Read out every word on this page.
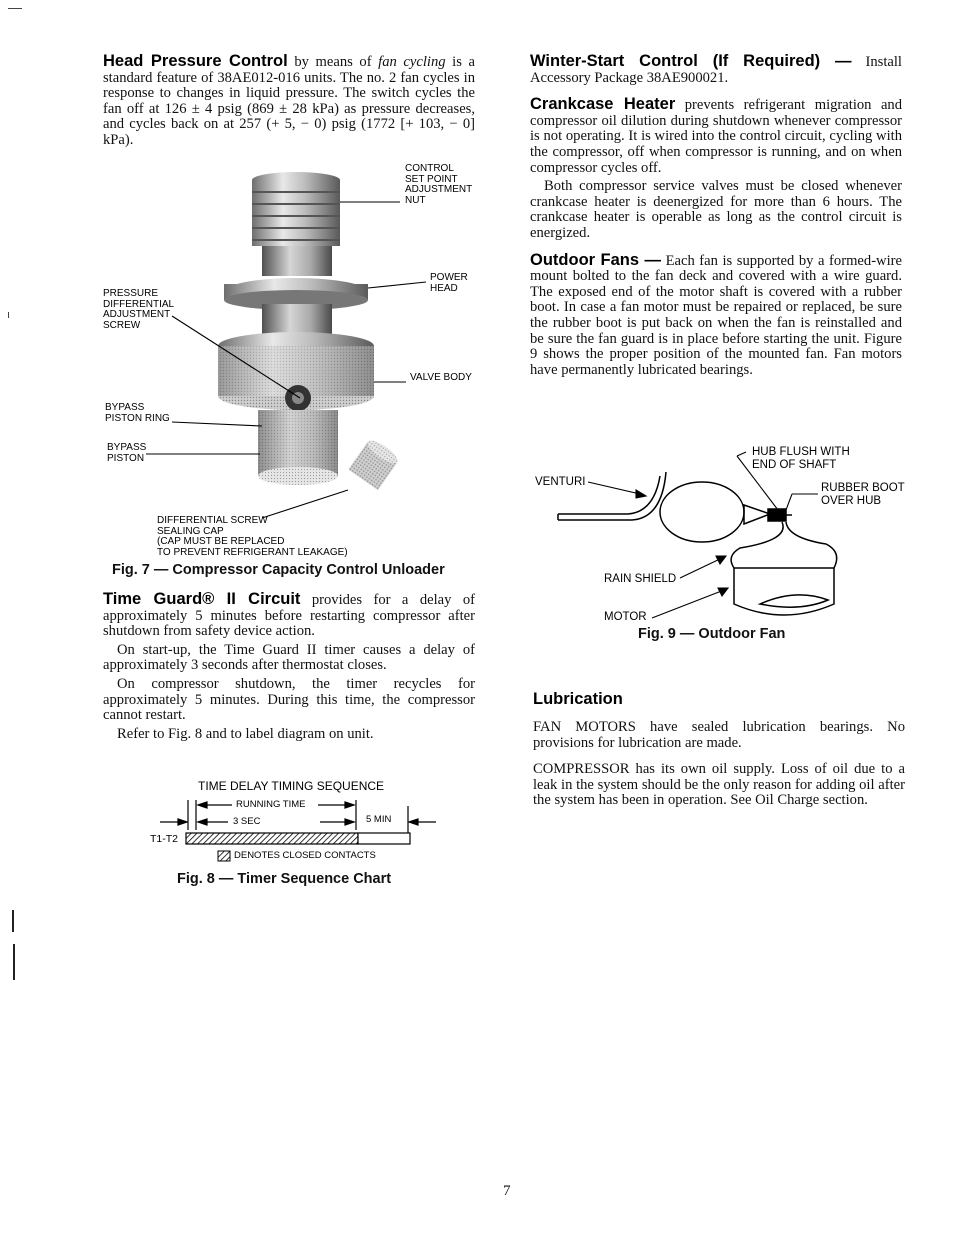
Head Pressure Control by means of fan cycling is a standard feature of 38AE012-016 units. The no. 2 fan cycles in response to changes in liquid pressure. The switch cycles the fan off at 126 ± 4 psig (869 ± 28 kPa) as pressure decreases, and cycles back on at 257 (+ 5, − 0) psig (1772 [+ 103, − 0] kPa).

CONTROL
SET POINT
ADJUSTMENT
NUT
POWER
HEAD
PRESSURE
DIFFERENTIAL
ADJUSTMENT
SCREW
VALVE BODY
BYPASS
PISTON RING
BYPASS
PISTON
DIFFERENTIAL SCREW
SEALING CAP
(CAP MUST BE REPLACED
TO PREVENT REFRIGERANT LEAKAGE)
Fig. 7 — Compressor Capacity Control Unloader

Time Guard® II Circuit provides for a delay of approximately 5 minutes before restarting compressor after shutdown from safety device action.

On start-up, the Time Guard II timer causes a delay of approximately 3 seconds after thermostat closes.

On compressor shutdown, the timer recycles for approximately 5 minutes. During this time, the compressor cannot restart.

Refer to Fig. 8 and to label diagram on unit.

TIME DELAY TIMING SEQUENCE
RUNNING TIME
3 SEC	5 MIN
T1-T2
DENOTES CLOSED CONTACTS
Fig. 8 — Timer Sequence Chart

Winter-Start Control (If Required) — Install Accessory Package 38AE900021.

Crankcase Heater prevents refrigerant migration and compressor oil dilution during shutdown whenever compressor is not operating. It is wired into the control circuit, cycling with the compressor, off when compressor is running, and on when compressor cycles off.

Both compressor service valves must be closed whenever crankcase heater is deenergized for more than 6 hours. The crankcase heater is operable as long as the control circuit is energized.

Outdoor Fans — Each fan is supported by a formed-wire mount bolted to the fan deck and covered with a wire guard. The exposed end of the motor shaft is covered with a rubber boot. In case a fan motor must be repaired or replaced, be sure the rubber boot is put back on when the fan is reinstalled and be sure the fan guard is in place before starting the unit. Figure 9 shows the proper position of the mounted fan. Fan motors have permanently lubricated bearings.

HUB FLUSH WITH
END OF SHAFT
VENTURI	RUBBER BOOT
OVER HUB
RAIN SHIELD
MOTOR
Fig. 9 — Outdoor Fan
Lubrication

FAN MOTORS have sealed lubrication bearings. No provisions for lubrication are made.

COMPRESSOR has its own oil supply. Loss of oil due to a leak in the system should be the only reason for adding oil after the system has been in operation. See Oil Charge section.

7
